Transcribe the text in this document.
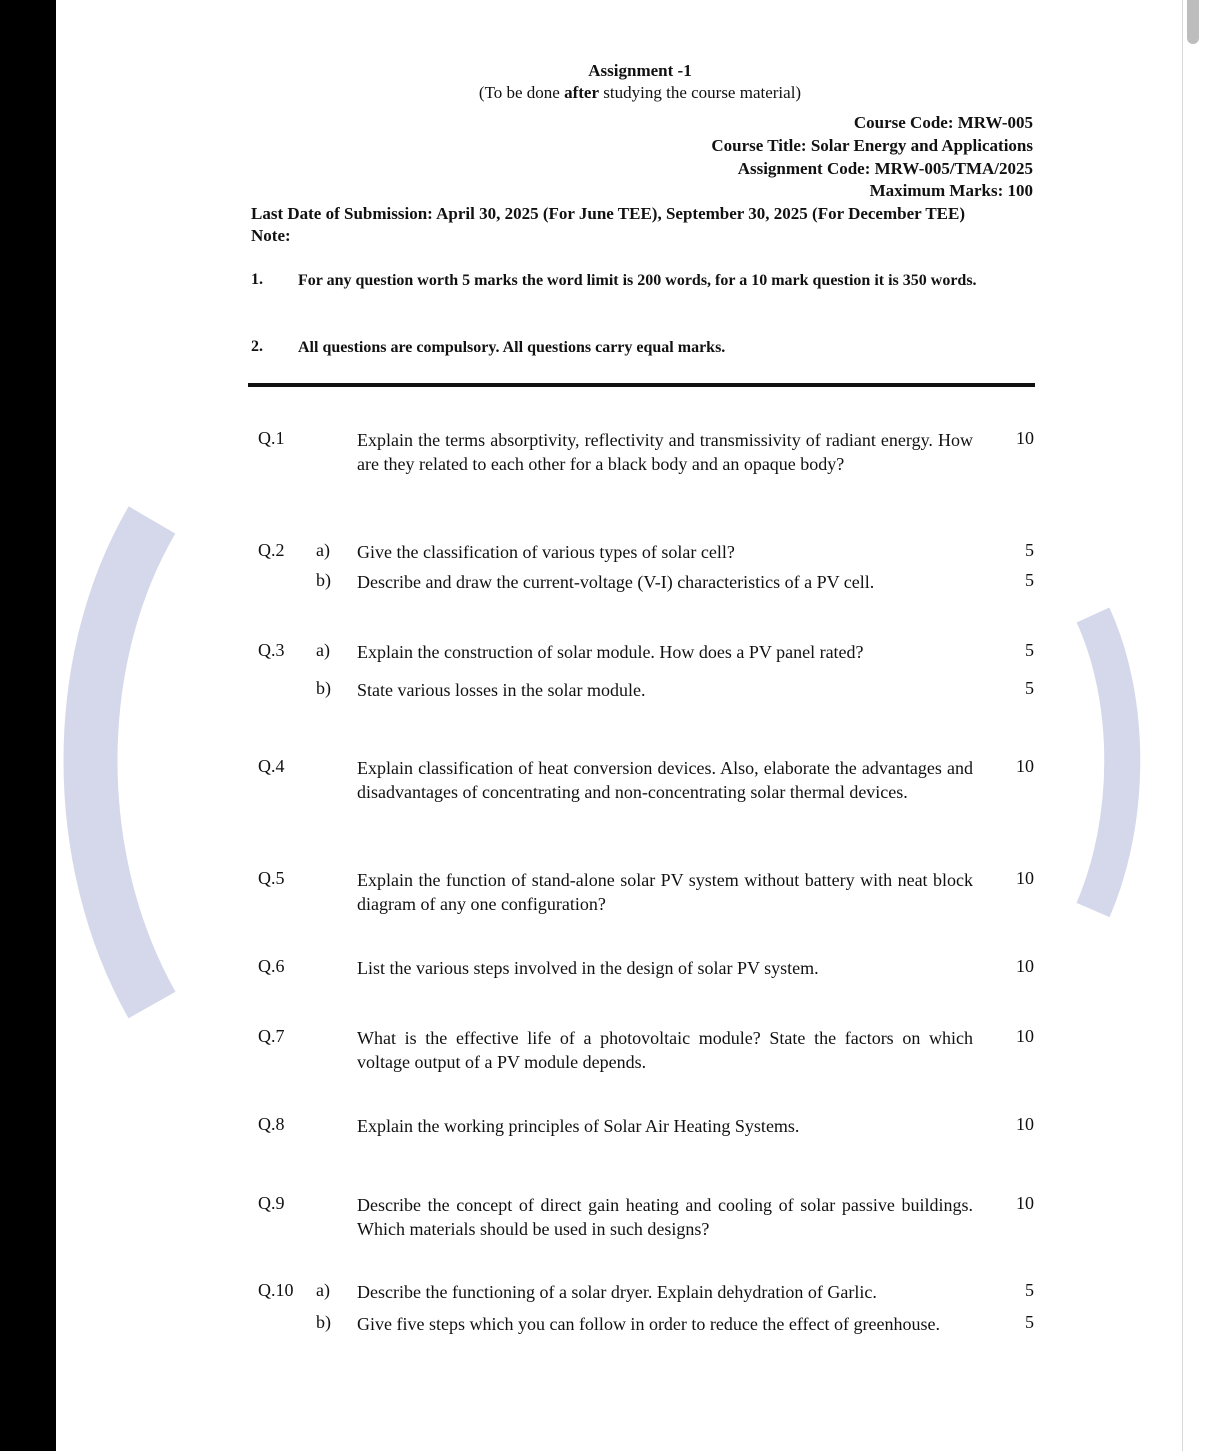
Assignment -1
(To be done after studying the course material)
Course Code: MRW-005
Course Title: Solar Energy and Applications
Assignment Code: MRW-005/TMA/2025
Maximum Marks: 100
Last Date of Submission: April 30, 2025 (For June TEE), September 30, 2025 (For December TEE)
Note:
1. For any question worth 5 marks the word limit is 200 words, for a 10 mark question it is 350 words.
2. All questions are compulsory. All questions carry equal marks.
Q.1	Explain the terms absorptivity, reflectivity and transmissivity of radiant energy. How are they related to each other for a black body and an opaque body?
10
Q.2 a) Give the classification of various types of solar cell?	5
b) Describe and draw the current-voltage (V-I) characteristics of a PV cell.	5
Q.3 a) Explain the construction of solar module. How does a PV panel rated?	5
b) State various losses in the solar module.	5
Q.4	Explain classification of heat conversion devices. Also, elaborate the advantages and disadvantages of concentrating and non-concentrating solar thermal devices.
10
Q.5	Explain the function of stand-alone solar PV system without battery with neat block diagram of any one configuration?
10
Q.6	List the various steps involved in the design of solar PV system.	10
Q.7	What is the effective life of a photovoltaic module? State the factors on which voltage output of a PV module depends.
10
Q.8	Explain the working principles of Solar Air Heating Systems.	10
Q.9	Describe the concept of direct gain heating and cooling of solar passive buildings. Which materials should be used in such designs?
10
Q.10 a) Describe the functioning of a solar dryer. Explain dehydration of Garlic.	5
b) Give five steps which you can follow in order to reduce the effect of greenhouse.	5
